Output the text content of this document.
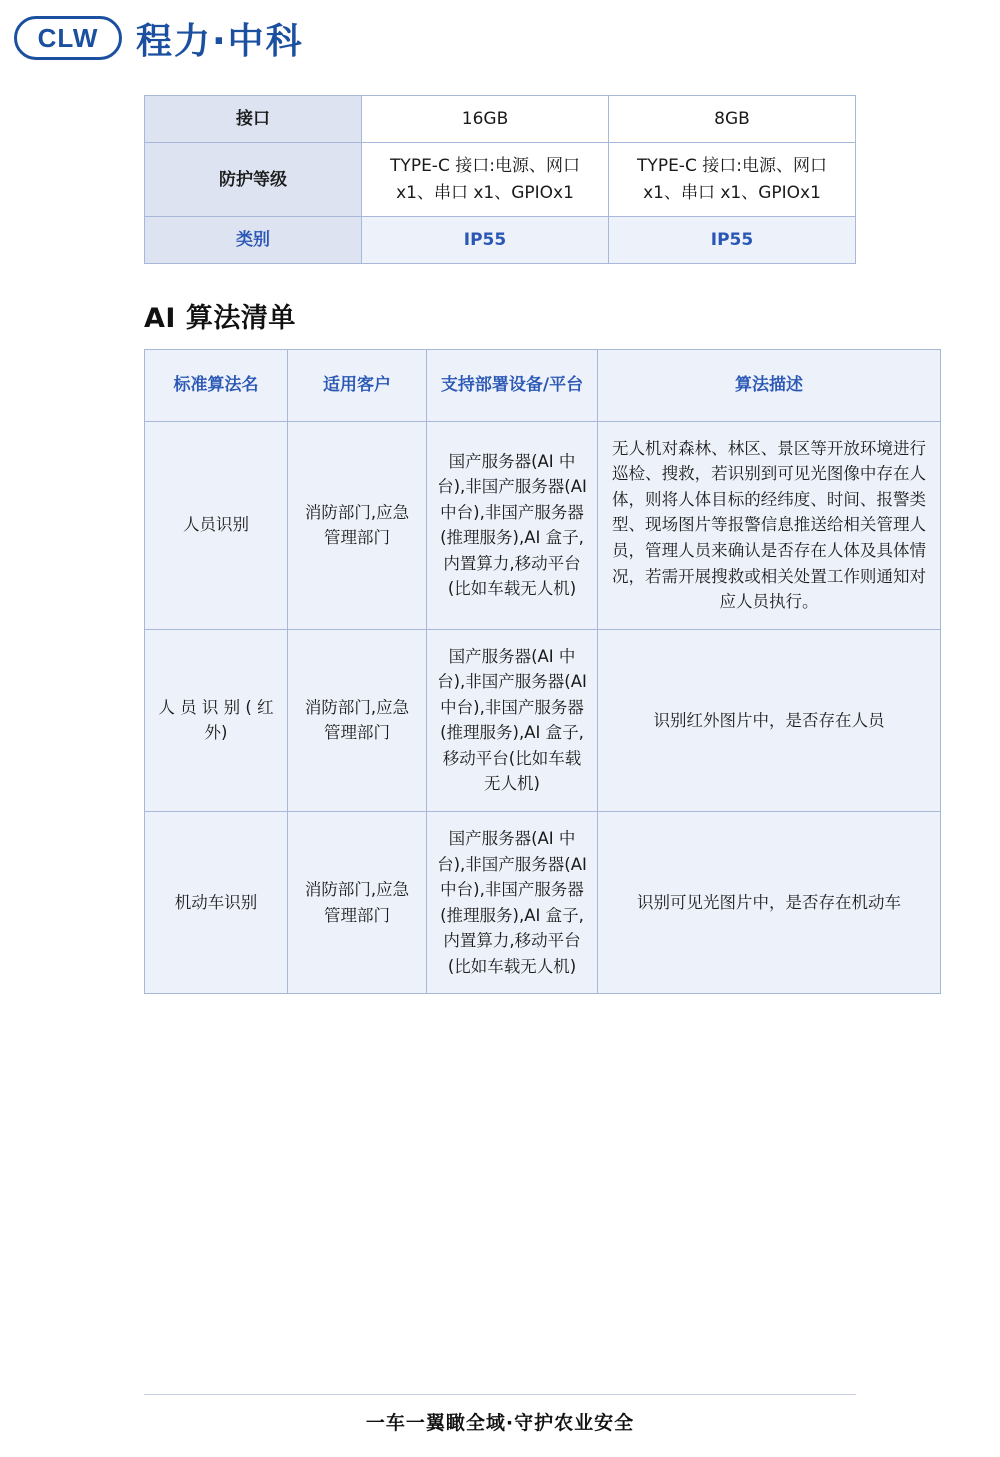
CLW 程力·中科
接口	16GB	8GB
防护等级	TYPE-C 接口:电源、网口 x1、串口 x1、GPIOx1	TYPE-C 接口:电源、网口 x1、串口 x1、GPIOx1
类别	IP55	IP55
AI 算法清单
标准算法名	适用客户	支持部署设备/平台	算法描述
人员识别	消防部门,应急管理部门	国产服务器(AI 中台),非国产服务器(AI 中台),非国产服务器(推理服务),AI 盒子,内置算力,移动平台(比如车载无人机)	无人机对森林、林区、景区等开放环境进行巡检、搜救，若识别到可见光图像中存在人体，则将人体目标的经纬度、时间、报警类型、现场图片等报警信息推送给相关管理人员，管理人员来确认是否存在人体及具体情况，若需开展搜救或相关处置工作则通知对应人员执行。
人 员 识 别 ( 红外)	消防部门,应急管理部门	国产服务器(AI 中台),非国产服务器(AI 中台),非国产服务器(推理服务),AI 盒子,移动平台(比如车载无人机)	识别红外图片中，是否存在人员
机动车识别	消防部门,应急管理部门	国产服务器(AI 中台),非国产服务器(AI 中台),非国产服务器(推理服务),AI 盒子,内置算力,移动平台(比如车载无人机)	识别可见光图片中，是否存在机动车
一车一翼瞰全域·守护农业安全
